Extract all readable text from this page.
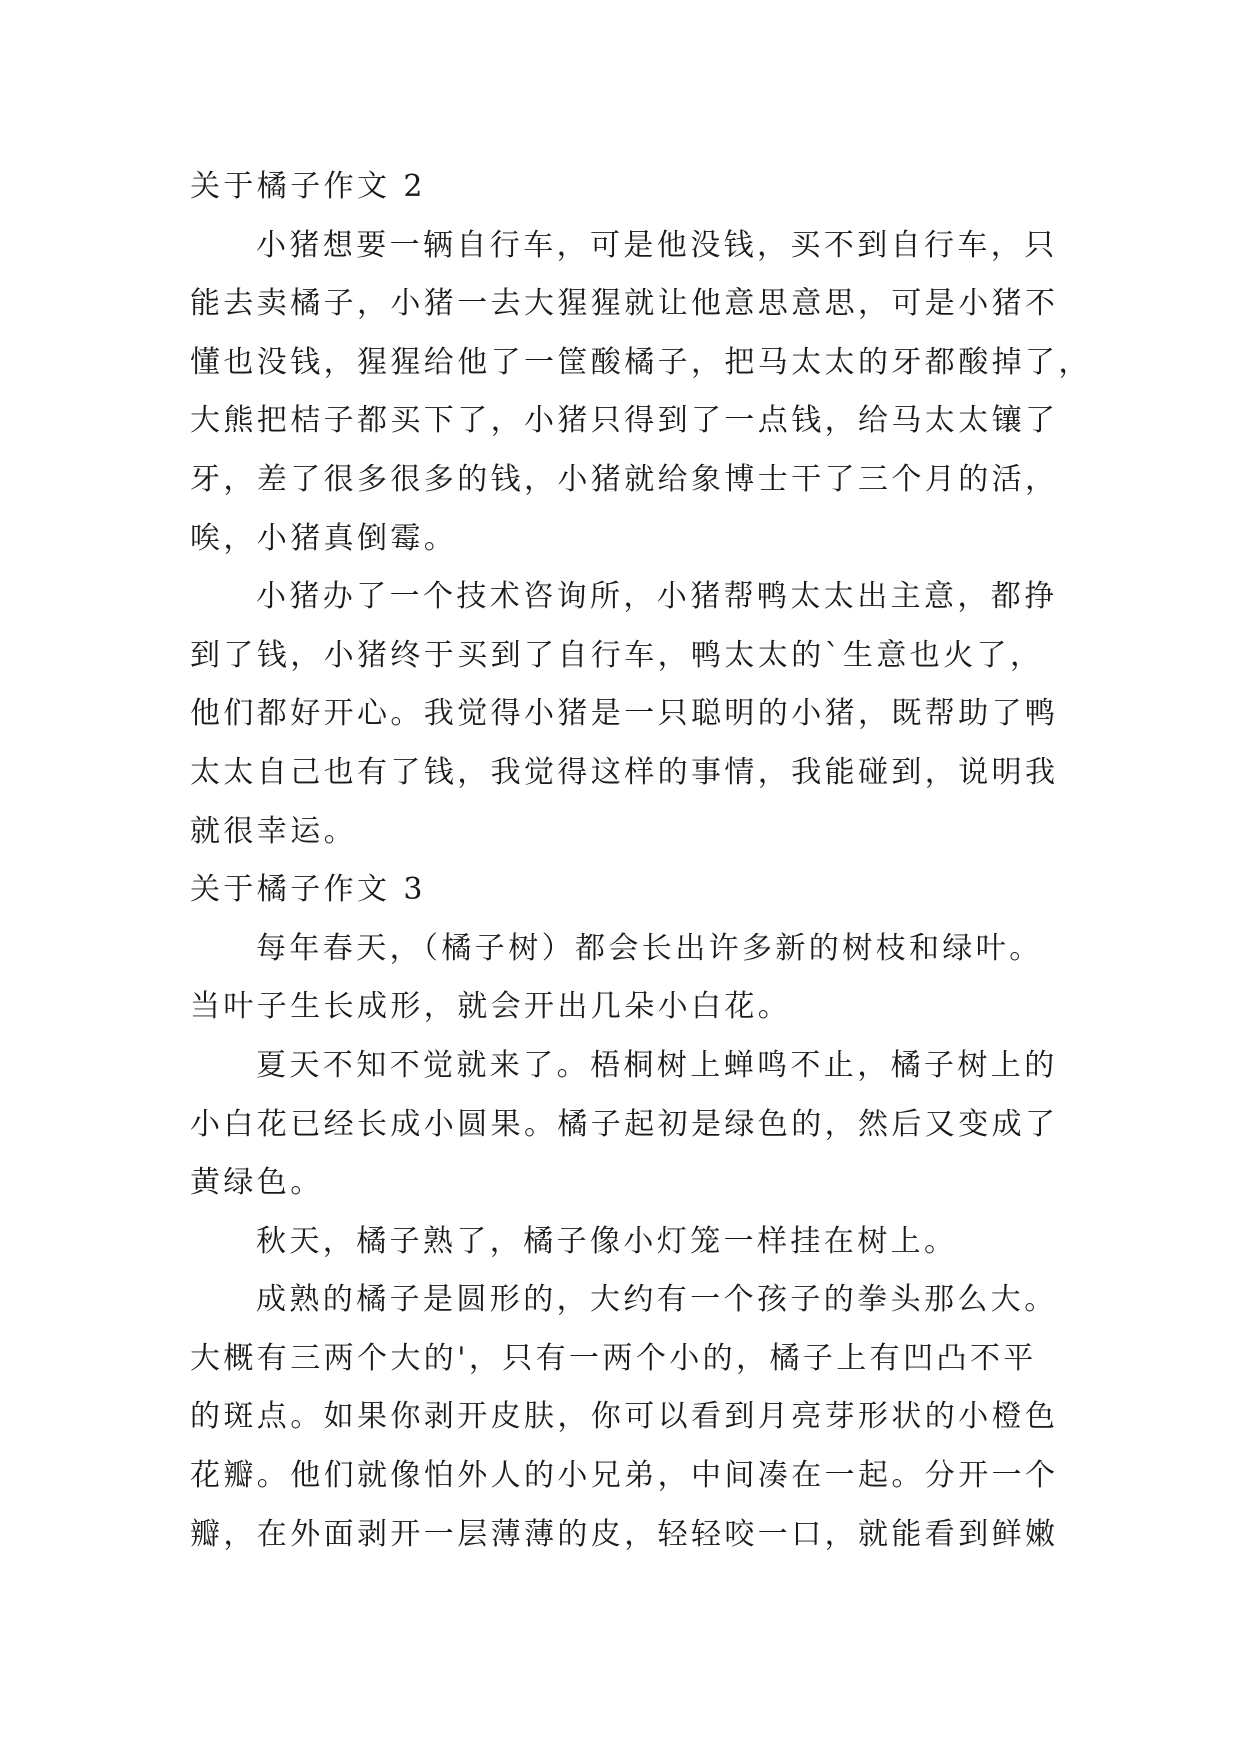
关于橘子作文 2
小猪想要一辆自行车，可是他没钱，买不到自行车，只
能去卖橘子，小猪一去大猩猩就让他意思意思，可是小猪不
懂也没钱，猩猩给他了一筐酸橘子，把马太太的牙都酸掉了，
大熊把桔子都买下了，小猪只得到了一点钱，给马太太镶了
牙，差了很多很多的钱，小猪就给象博士干了三个月的活，
唉，小猪真倒霉。
小猪办了一个技术咨询所，小猪帮鸭太太出主意，都挣
到了钱，小猪终于买到了自行车，鸭太太的`生意也火了，
他们都好开心。我觉得小猪是一只聪明的小猪，既帮助了鸭
太太自己也有了钱，我觉得这样的事情，我能碰到，说明我
就很幸运。
关于橘子作文 3
每年春天，（橘子树）都会长出许多新的树枝和绿叶。
当叶子生长成形，就会开出几朵小白花。
夏天不知不觉就来了。梧桐树上蝉鸣不止，橘子树上的
小白花已经长成小圆果。橘子起初是绿色的，然后又变成了
黄绿色。
秋天，橘子熟了，橘子像小灯笼一样挂在树上。
成熟的橘子是圆形的，大约有一个孩子的拳头那么大。
大概有三两个大的'，只有一两个小的，橘子上有凹凸不平
的斑点。如果你剥开皮肤，你可以看到月亮芽形状的小橙色
花瓣。他们就像怕外人的小兄弟，中间凑在一起。分开一个
瓣，在外面剥开一层薄薄的皮，轻轻咬一口，就能看到鲜嫩
